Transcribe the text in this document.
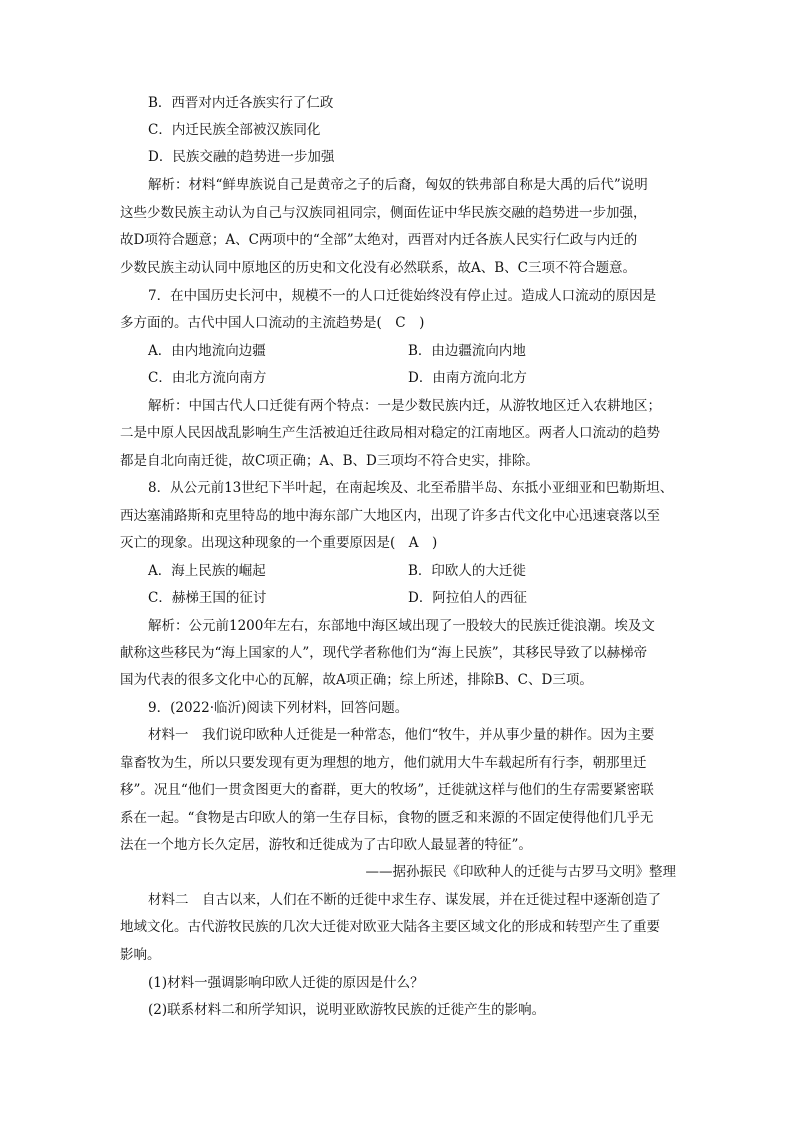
B．西晋对内迁各族实行了仁政
C．内迁民族全部被汉族同化
D．民族交融的趋势进一步加强
解析：材料“鲜卑族说自己是黄帝之子的后裔，匈奴的铁弗部自称是大禹的后代”说明
这些少数民族主动认为自己与汉族同祖同宗，侧面佐证中华民族交融的趋势进一步加强，
故D项符合题意；A、C两项中的“全部”太绝对，西晋对内迁各族人民实行仁政与内迁的
少数民族主动认同中原地区的历史和文化没有必然联系，故A、B、C三项不符合题意。
7．在中国历史长河中，规模不一的人口迁徙始终没有停止过。造成人口流动的原因是
多方面的。古代中国人口流动的主流趋势是(　C　)
A．由内地流向边疆	B．由边疆流向内地
C．由北方流向南方	D．由南方流向北方
解析：中国古代人口迁徙有两个特点：一是少数民族内迁，从游牧地区迁入农耕地区；
二是中原人民因战乱影响生产生活被迫迁往政局相对稳定的江南地区。两者人口流动的趋势
都是自北向南迁徙，故C项正确；A、B、D三项均不符合史实，排除。
8．从公元前13世纪下半叶起，在南起埃及、北至希腊半岛、东抵小亚细亚和巴勒斯坦、
西达塞浦路斯和克里特岛的地中海东部广大地区内，出现了许多古代文化中心迅速衰落以至
灭亡的现象。出现这种现象的一个重要原因是(　A　)
A．海上民族的崛起	B．印欧人的大迁徙
C．赫梯王国的征讨	D．阿拉伯人的西征
解析：公元前1200年左右，东部地中海区域出现了一股较大的民族迁徙浪潮。埃及文
献称这些移民为“海上国家的人”，现代学者称他们为“海上民族”，其移民导致了以赫梯帝
国为代表的很多文化中心的瓦解，故A项正确；综上所述，排除B、C、D三项。
9．(2022·临沂)阅读下列材料，回答问题。
材料一　我们说印欧种人迁徙是一种常态，他们“牧牛，并从事少量的耕作。因为主要
靠畜牧为生，所以只要发现有更为理想的地方，他们就用大牛车载起所有行李，朝那里迁
移”。况且“他们一贯贪图更大的畜群，更大的牧场”，迁徙就这样与他们的生存需要紧密联
系在一起。“食物是古印欧人的第一生存目标，食物的匮乏和来源的不固定使得他们几乎无
法在一个地方长久定居，游牧和迁徙成为了古印欧人最显著的特征”。
——据孙振民《印欧种人的迁徙与古罗马文明》整理
材料二　自古以来，人们在不断的迁徙中求生存、谋发展，并在迁徙过程中逐渐创造了
地域文化。古代游牧民族的几次大迁徙对欧亚大陆各主要区域文化的形成和转型产生了重要
影响。
(1)材料一强调影响印欧人迁徙的原因是什么？
(2)联系材料二和所学知识，说明亚欧游牧民族的迁徙产生的影响。
